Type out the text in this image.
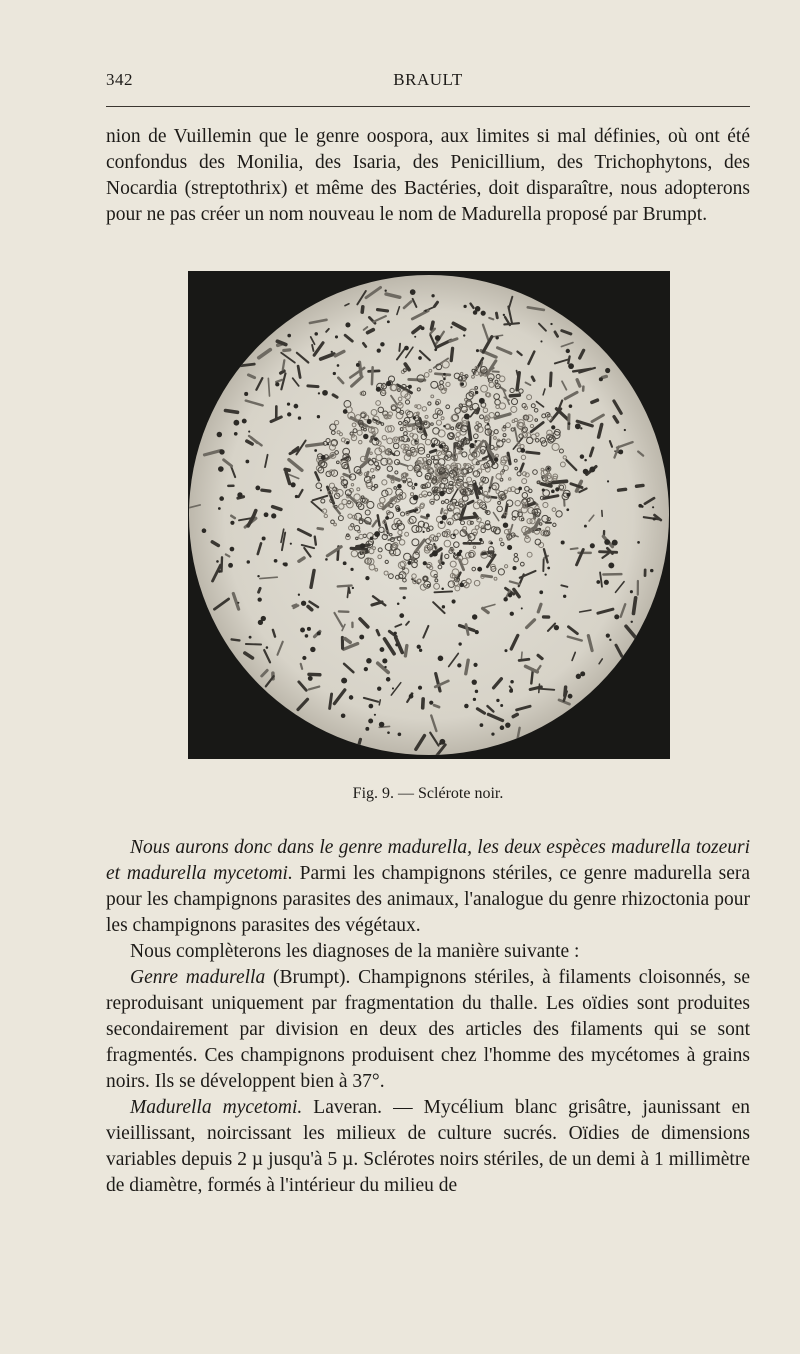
342	BRAULT

nion de Vuillemin que le genre oospora, aux limites si mal définies, où ont été confondus des Monilia, des Isaria, des Penicillium, des Trichophytons, des Nocardia (streptothrix) et même des Bactéries, doit disparaître, nous adopterons pour ne pas créer un nom nouveau le nom de Madurella proposé par Brumpt.

Fig. 9. — Sclérote noir.

Nous aurons donc dans le genre madurella, les deux espèces madurella tozeuri et madurella mycetomi. Parmi les champignons stériles, ce genre madurella sera pour les champignons parasites des animaux, l'analogue du genre rhizoctonia pour les champignons parasites des végétaux.

Nous complèterons les diagnoses de la manière suivante :

Genre madurella (Brumpt). Champignons stériles, à filaments cloisonnés, se reproduisant uniquement par fragmentation du thalle. Les oïdies sont produites secondairement par division en deux des articles des filaments qui se sont fragmentés. Ces champignons produisent chez l'homme des mycétomes à grains noirs. Ils se développent bien à 37°.

Madurella mycetomi. Laveran. — Mycélium blanc grisâtre, jaunissant en vieillissant, noircissant les milieux de culture sucrés. Oïdies de dimensions variables depuis 2 µ jusqu'à 5 µ. Sclérotes noirs stériles, de un demi à 1 millimètre de diamètre, formés à l'intérieur du milieu de
